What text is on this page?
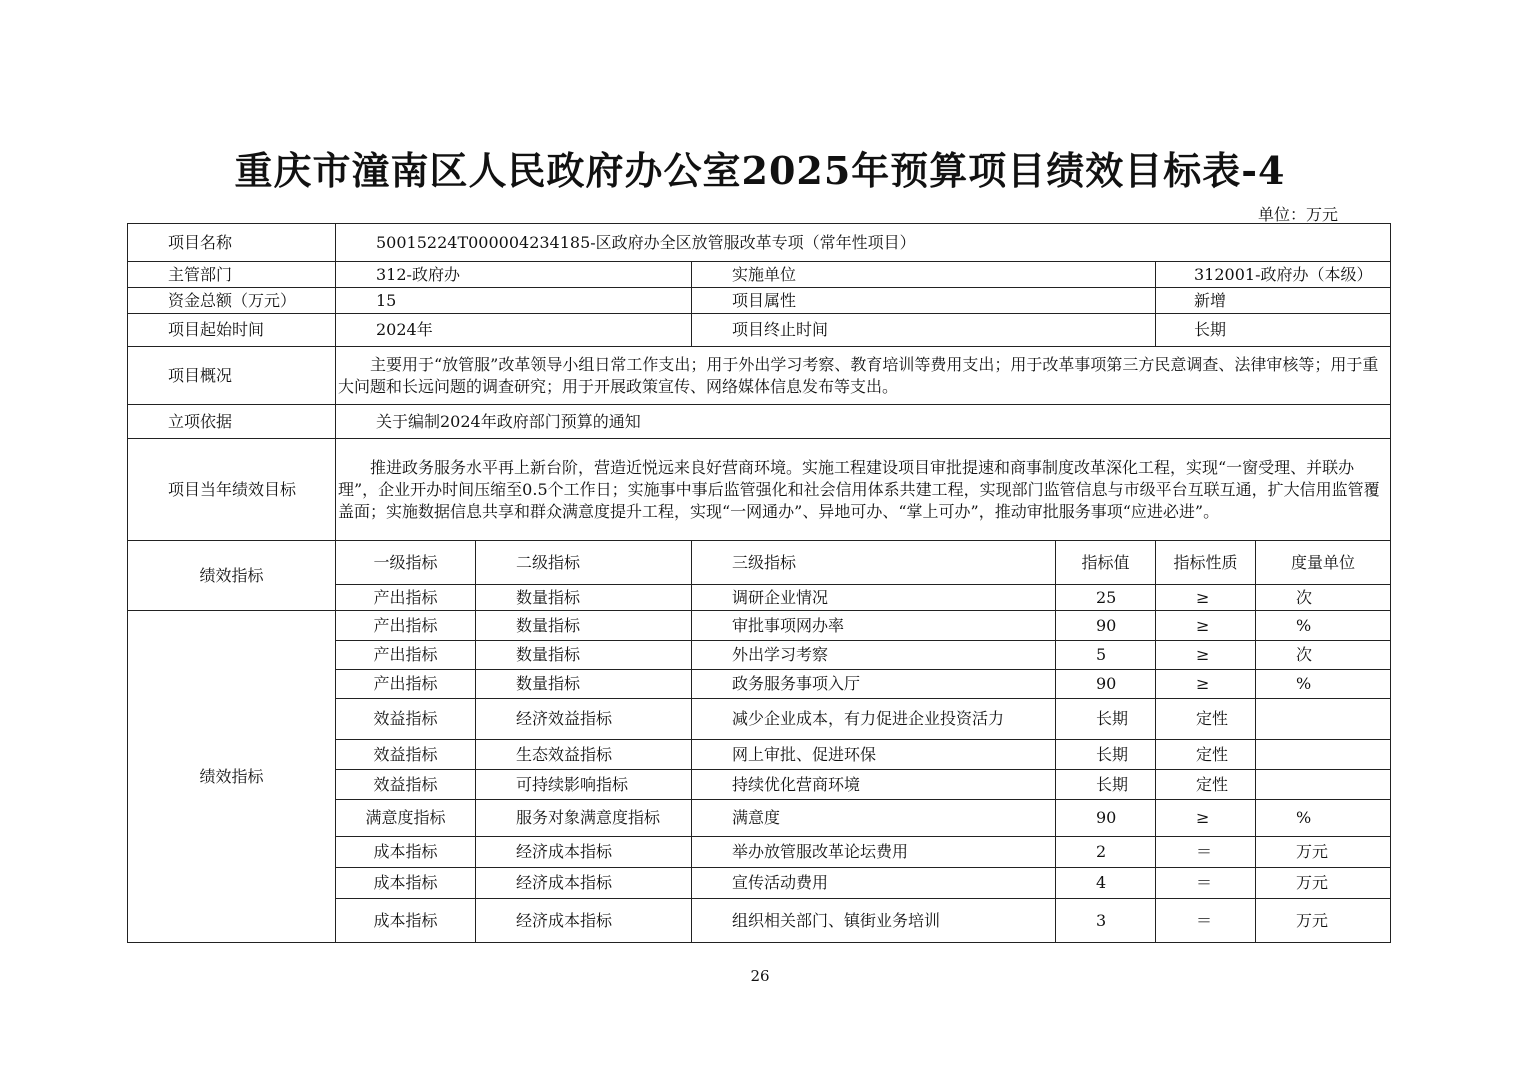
重庆市潼南区人民政府办公室2025年预算项目绩效目标表-4
单位：万元
项目名称	50015224T000004234185-区政府办全区放管服改革专项（常年性项目）					
主管部门	312-政府办		实施单位		312001-政府办（本级）	
资金总额（万元）	15		项目属性		新增	
项目起始时间	2024年		项目终止时间		长期	
项目概况	主要用于“放管服”改革领导小组日常工作支出；用于外出学习考察、教育培训等费用支出；用于改革事项第三方民意调查、法律审核等；用于重大问题和长远问题的调查研究；用于开展政策宣传、网络媒体信息发布等支出。					
立项依据	关于编制2024年政府部门预算的通知					
项目当年绩效目标	推进政务服务水平再上新台阶，营造近悦远来良好营商环境。实施工程建设项目审批提速和商事制度改革深化工程，实现“一窗受理、并联办理”，企业开办时间压缩至0.5个工作日；实施事中事后监管强化和社会信用体系共建工程，实现部门监管信息与市级平台互联互通，扩大信用监管覆盖面；实施数据信息共享和群众满意度提升工程，实现“一网通办”、异地可办、“掌上可办”，推动审批服务事项“应进必进”。					
绩效指标	一级指标	二级指标	三级指标	指标值	指标性质	度量单位
	产出指标	数量指标	调研企业情况	25	≥	次
绩效指标	产出指标	数量指标	审批事项网办率	90	≥	%
	产出指标	数量指标	外出学习考察	5	≥	次
	产出指标	数量指标	政务服务事项入厅	90	≥	%
	效益指标	经济效益指标	减少企业成本，有力促进企业投资活力	长期	定性	
	效益指标	生态效益指标	网上审批、促进环保	长期	定性	
	效益指标	可持续影响指标	持续优化营商环境	长期	定性	
	满意度指标	服务对象满意度指标	满意度	90	≥	%
	成本指标	经济成本指标	举办放管服改革论坛费用	2	＝	万元
	成本指标	经济成本指标	宣传活动费用	4	＝	万元
	成本指标	经济成本指标	组织相关部门、镇街业务培训	3	＝	万元
26
